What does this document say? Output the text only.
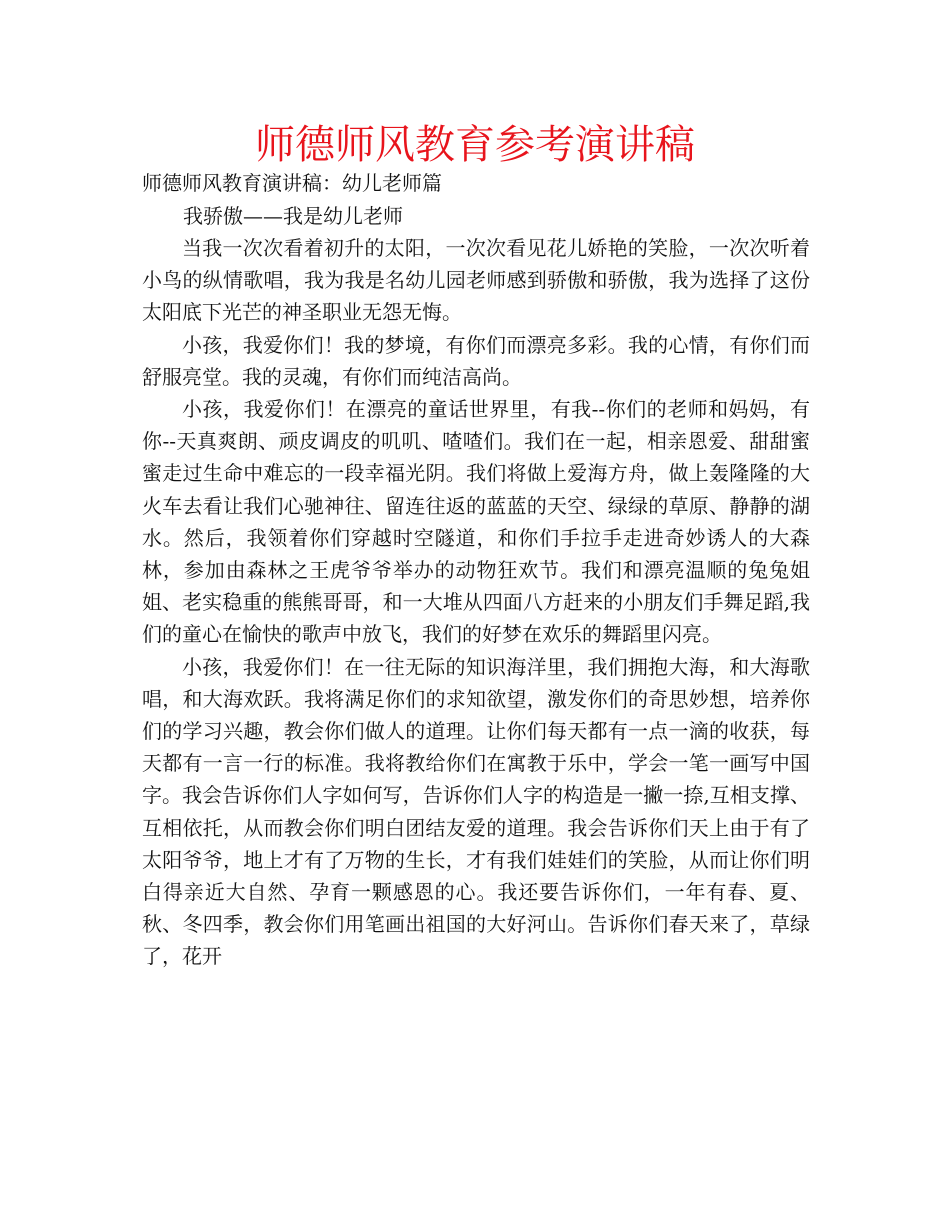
师德师风教育参考演讲稿
师德师风教育演讲稿：幼儿老师篇
我骄傲——我是幼儿老师

当我一次次看着初升的太阳，一次次看见花儿娇艳的笑脸，一次次听着小鸟的纵情歌唱，我为我是名幼儿园老师感到骄傲和骄傲，我为选择了这份太阳底下光芒的神圣职业无怨无悔。

小孩，我爱你们！我的梦境，有你们而漂亮多彩。我的心情，有你们而舒服亮堂。我的灵魂，有你们而纯洁高尚。

小孩，我爱你们！在漂亮的童话世界里，有我--你们的老师和妈妈，有你--天真爽朗、顽皮调皮的叽叽、喳喳们。我们在一起，相亲恩爱、甜甜蜜蜜走过生命中难忘的一段幸福光阴。我们将做上爱海方舟，做上轰隆隆的大火车去看让我们心驰神往、留连往返的蓝蓝的天空、绿绿的草原、静静的湖水。然后，我领着你们穿越时空隧道，和你们手拉手走进奇妙诱人的大森林，参加由森林之王虎爷爷举办的动物狂欢节。我们和漂亮温顺的兔兔姐姐、老实稳重的熊熊哥哥，和一大堆从四面八方赶来的小朋友们手舞足蹈,我们的童心在愉快的歌声中放飞，我们的好梦在欢乐的舞蹈里闪亮。

小孩，我爱你们！在一往无际的知识海洋里，我们拥抱大海，和大海歌唱，和大海欢跃。我将满足你们的求知欲望，激发你们的奇思妙想，培养你们的学习兴趣，教会你们做人的道理。让你们每天都有一点一滴的收获，每天都有一言一行的标准。我将教给你们在寓教于乐中，学会一笔一画写中国字。我会告诉你们人字如何写，告诉你们人字的构造是一撇一捺,互相支撑、互相依托，从而教会你们明白团结友爱的道理。我会告诉你们天上由于有了太阳爷爷，地上才有了万物的生长，才有我们娃娃们的笑脸，从而让你们明白得亲近大自然、孕育一颗感恩的心。我还要告诉你们，一年有春、夏、秋、冬四季，教会你们用笔画出祖国的大好河山。告诉你们春天来了，草绿了，花开
